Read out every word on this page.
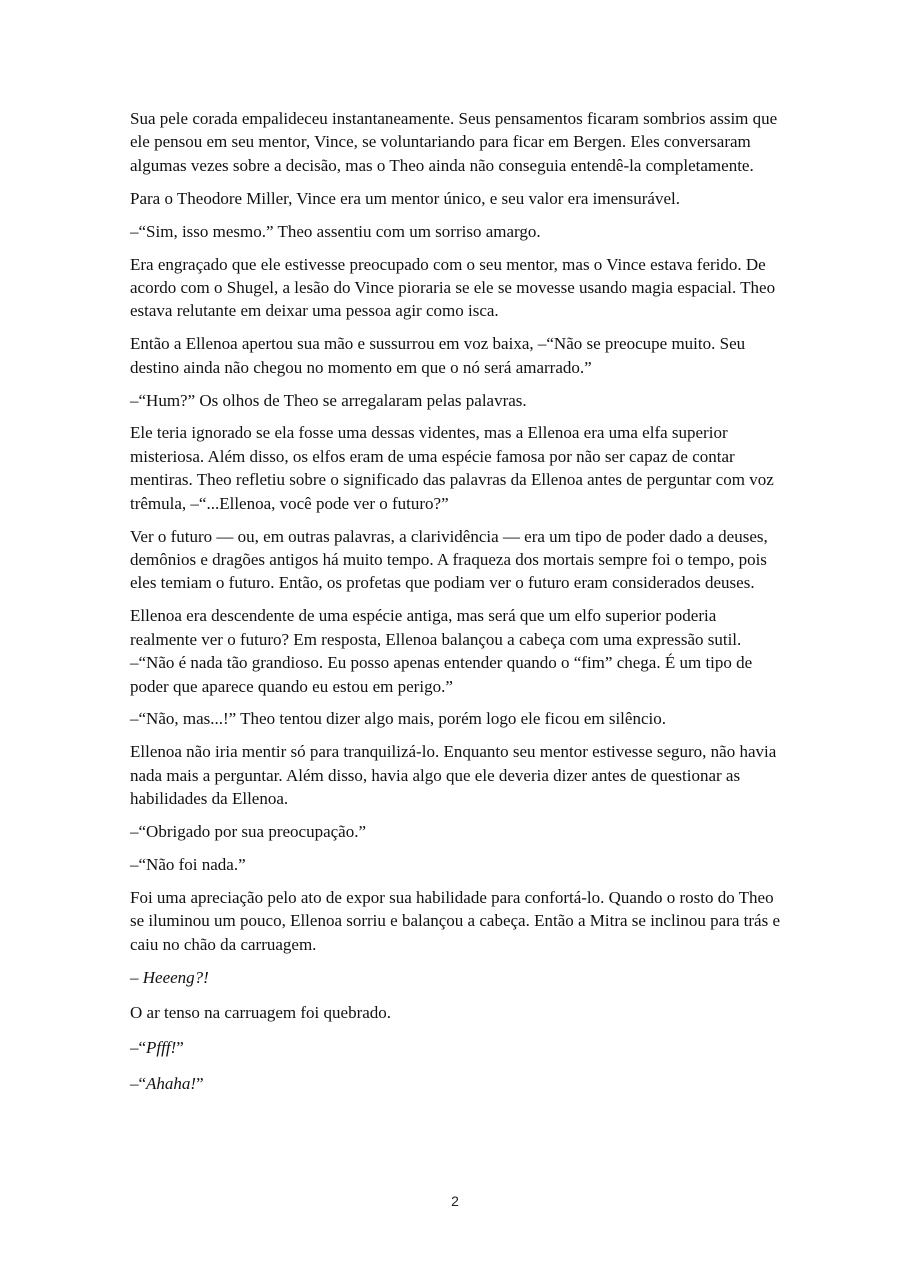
Sua pele corada empalideceu instantaneamente. Seus pensamentos ficaram sombrios assim que ele pensou em seu mentor, Vince, se voluntariando para ficar em Bergen. Eles conversaram algumas vezes sobre a decisão, mas o Theo ainda não conseguia entendê-la completamente.

Para o Theodore Miller, Vince era um mentor único, e seu valor era imensurável.

–“Sim, isso mesmo.” Theo assentiu com um sorriso amargo.

Era engraçado que ele estivesse preocupado com o seu mentor, mas o Vince estava ferido. De acordo com o Shugel, a lesão do Vince pioraria se ele se movesse usando magia espacial. Theo estava relutante em deixar uma pessoa agir como isca.

Então a Ellenoa apertou sua mão e sussurrou em voz baixa, –“Não se preocupe muito. Seu destino ainda não chegou no momento em que o nó será amarrado.”

–“Hum?” Os olhos de Theo se arregalaram pelas palavras.

Ele teria ignorado se ela fosse uma dessas videntes, mas a Ellenoa era uma elfa superior misteriosa. Além disso, os elfos eram de uma espécie famosa por não ser capaz de contar mentiras. Theo refletiu sobre o significado das palavras da Ellenoa antes de perguntar com voz trêmula, –“...Ellenoa, você pode ver o futuro?”

Ver o futuro — ou, em outras palavras, a clarividência — era um tipo de poder dado a deuses, demônios e dragões antigos há muito tempo. A fraqueza dos mortais sempre foi o tempo, pois eles temiam o futuro. Então, os profetas que podiam ver o futuro eram considerados deuses.

Ellenoa era descendente de uma espécie antiga, mas será que um elfo superior poderia realmente ver o futuro? Em resposta, Ellenoa balançou a cabeça com uma expressão sutil. –“Não é nada tão grandioso. Eu posso apenas entender quando o “fim” chega. É um tipo de poder que aparece quando eu estou em perigo.”

–“Não, mas...!” Theo tentou dizer algo mais, porém logo ele ficou em silêncio.

Ellenoa não iria mentir só para tranquilizá-lo. Enquanto seu mentor estivesse seguro, não havia nada mais a perguntar. Além disso, havia algo que ele deveria dizer antes de questionar as habilidades da Ellenoa.

–“Obrigado por sua preocupação.”

–“Não foi nada.”

Foi uma apreciação pelo ato de expor sua habilidade para confortá-lo. Quando o rosto do Theo se iluminou um pouco, Ellenoa sorriu e balançou a cabeça. Então a Mitra se inclinou para trás e caiu no chão da carruagem.

– Heeeng?!

O ar tenso na carruagem foi quebrado.

–“Pfff!”

–“Ahaha!”

2
